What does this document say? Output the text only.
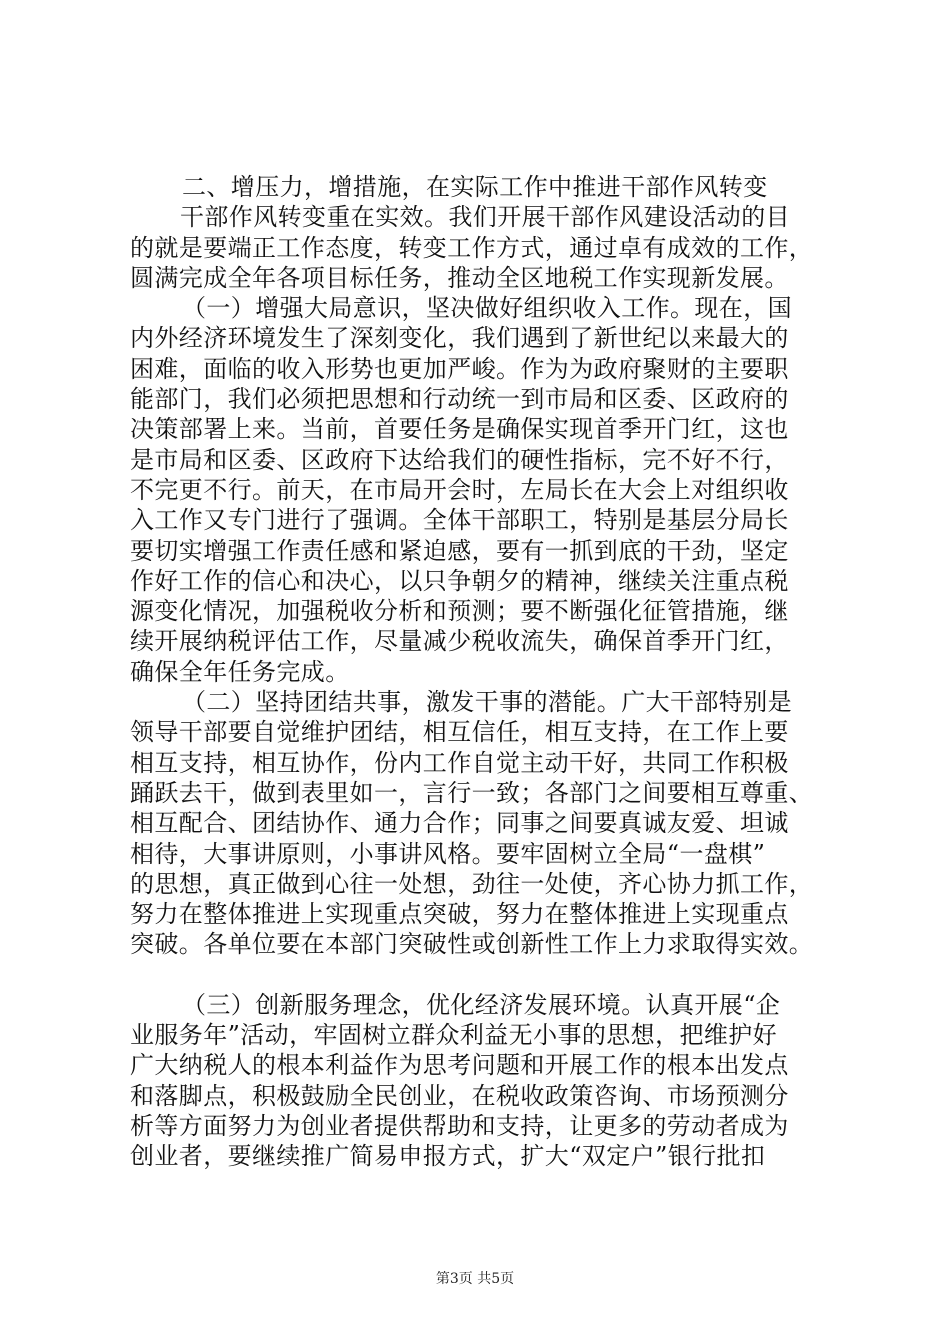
二、增压力，增措施，在实际工作中推进干部作风转变
干部作风转变重在实效。我们开展干部作风建设活动的目
的就是要端正工作态度，转变工作方式，通过卓有成效的工作，
圆满完成全年各项目标任务，推动全区地税工作实现新发展。
（一）增强大局意识，坚决做好组织收入工作。现在，国
内外经济环境发生了深刻变化，我们遇到了新世纪以来最大的
困难，面临的收入形势也更加严峻。作为为政府聚财的主要职
能部门，我们必须把思想和行动统一到市局和区委、区政府的
决策部署上来。当前，首要任务是确保实现首季开门红，这也
是市局和区委、区政府下达给我们的硬性指标，完不好不行，
不完更不行。前天，在市局开会时，左局长在大会上对组织收
入工作又专门进行了强调。全体干部职工，特别是基层分局长
要切实增强工作责任感和紧迫感，要有一抓到底的干劲，坚定
作好工作的信心和决心，以只争朝夕的精神，继续关注重点税
源变化情况，加强税收分析和预测；要不断强化征管措施，继
续开展纳税评估工作，尽量减少税收流失，确保首季开门红，
确保全年任务完成。
（二）坚持团结共事，激发干事的潜能。广大干部特别是
领导干部要自觉维护团结，相互信任，相互支持，在工作上要
相互支持，相互协作，份内工作自觉主动干好，共同工作积极
踊跃去干，做到表里如一，言行一致；各部门之间要相互尊重、
相互配合、团结协作、通力合作；同事之间要真诚友爱、坦诚
相待，大事讲原则，小事讲风格。要牢固树立全局“一盘棋”
的思想，真正做到心往一处想，劲往一处使，齐心协力抓工作，
努力在整体推进上实现重点突破，努力在整体推进上实现重点
突破。各单位要在本部门突破性或创新性工作上力求取得实效。
（三）创新服务理念，优化经济发展环境。认真开展“企
业服务年”活动，牢固树立群众利益无小事的思想，把维护好
广大纳税人的根本利益作为思考问题和开展工作的根本出发点
和落脚点，积极鼓励全民创业，在税收政策咨询、市场预测分
析等方面努力为创业者提供帮助和支持，让更多的劳动者成为
创业者，要继续推广简易申报方式，扩大“双定户”银行批扣
第3页 共5页
